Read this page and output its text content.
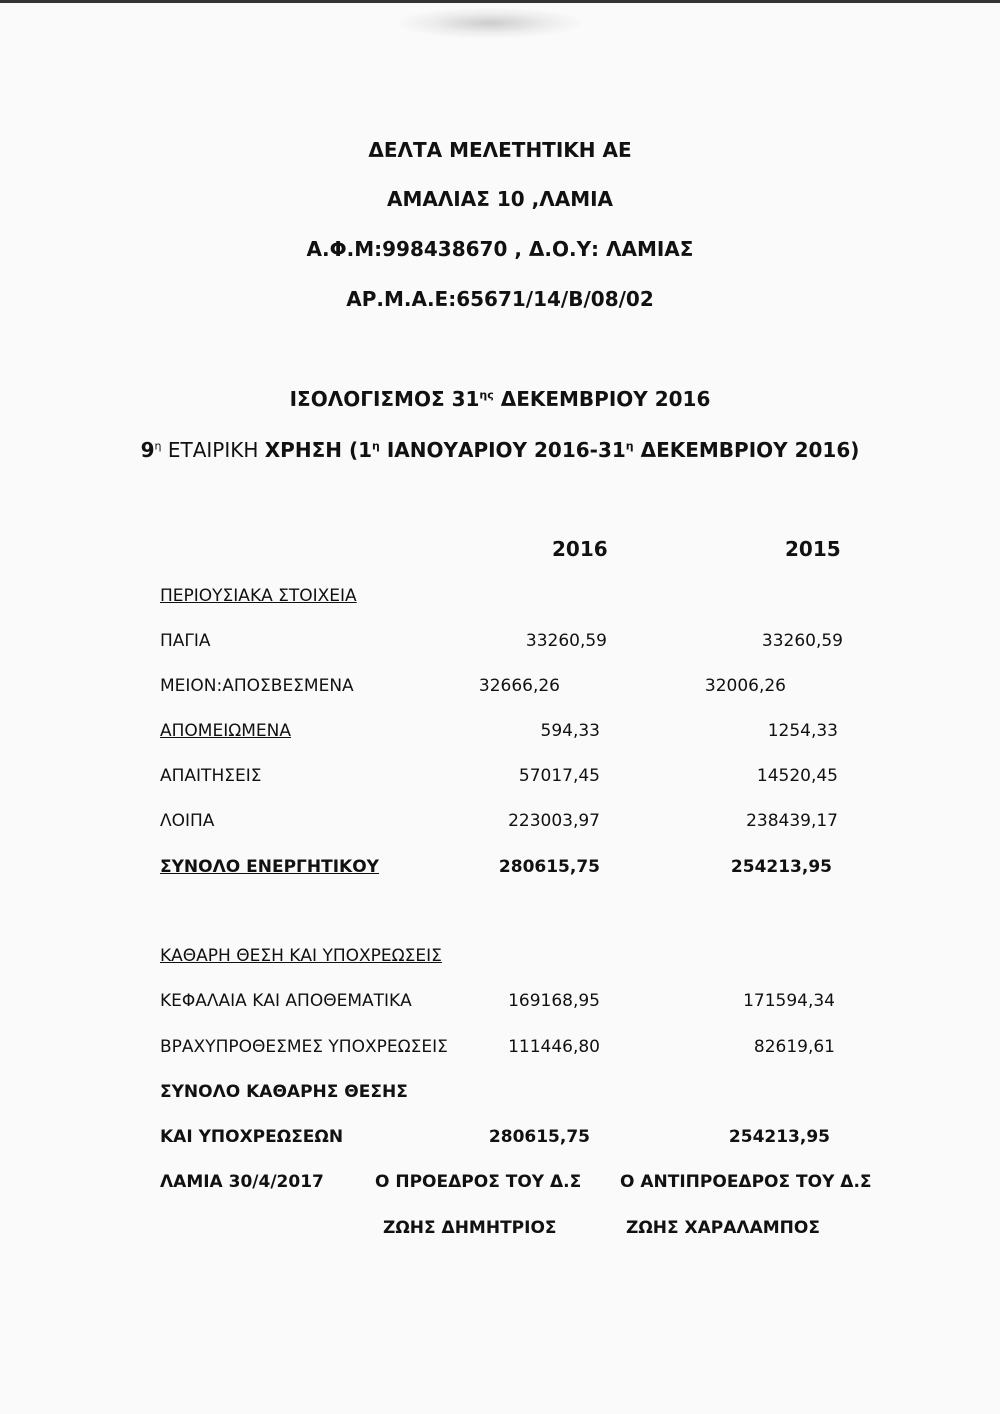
ΔΕΛΤΑ ΜΕΛΕΤΗΤΙΚΗ ΑΕ
ΑΜΑΛΙΑΣ 10 ,ΛΑΜΙΑ
Α.Φ.Μ:998438670 , Δ.Ο.Υ: ΛΑΜΙΑΣ
ΑΡ.Μ.Α.Ε:65671/14/Β/08/02
ΙΣΟΛΟΓΙΣΜΟΣ $31^{\eta\varsigma}$ ΔΕΚΕΜΒΡΙΟΥ 2016
$9^\eta$ ΕΤΑΙΡΙΚΗ ΧΡΗΣΗ ($1^\eta$ ΙΑΝΟΥΑΡΙΟΥ $2016-31^\eta$ ΔΕΚΕΜΒΡΙΟΥ 2016)
2016	2015
ΠΕΡΙΟΥΣΙΑΚΑ ΣΤΟΙΧΕΙΑ
ΠΑΓΙΑ	33260,59	33260,59
ΜΕΙΟΝ:ΑΠΟΣΒΕΣΜΕΝΑ	32666,26	32006,26
ΑΠΟΜΕΙΩΜΕΝΑ	594,33	1254,33
ΑΠΑΙΤΗΣΕΙΣ	57017,45	14520,45
ΛΟΙΠΑ	223003,97	238439,17
ΣΥΝΟΛΟ ΕΝΕΡΓΗΤΙΚΟΥ	280615,75	254213,95
ΚΑΘΑΡΗ ΘΕΣΗ ΚΑΙ ΥΠΟΧΡΕΩΣΕΙΣ
ΚΕΦΑΛΑΙΑ ΚΑΙ ΑΠΟΘΕΜΑΤΙΚΑ	169168,95	171594,34
ΒΡΑΧΥΠΡΟΘΕΣΜΕΣ ΥΠΟΧΡΕΩΣΕΙΣ	111446,80	82619,61
ΣΥΝΟΛΟ ΚΑΘΑΡΗΣ ΘΕΣΗΣ
ΚΑΙ ΥΠΟΧΡΕΩΣΕΩΝ	280615,75	254213,95
ΛΑΜΙΑ 30/4/2017	Ο ΠΡΟΕΔΡΟΣ ΤΟΥ Δ.Σ Ο ΑΝΤΙΠΡΟΕΔΡΟΣ ΤΟΥ Δ.Σ
ΖΩΗΣ ΔΗΜΗΤΡΙΟΣ	ΖΩΗΣ ΧΑΡΑΛΑΜΠΟΣ
